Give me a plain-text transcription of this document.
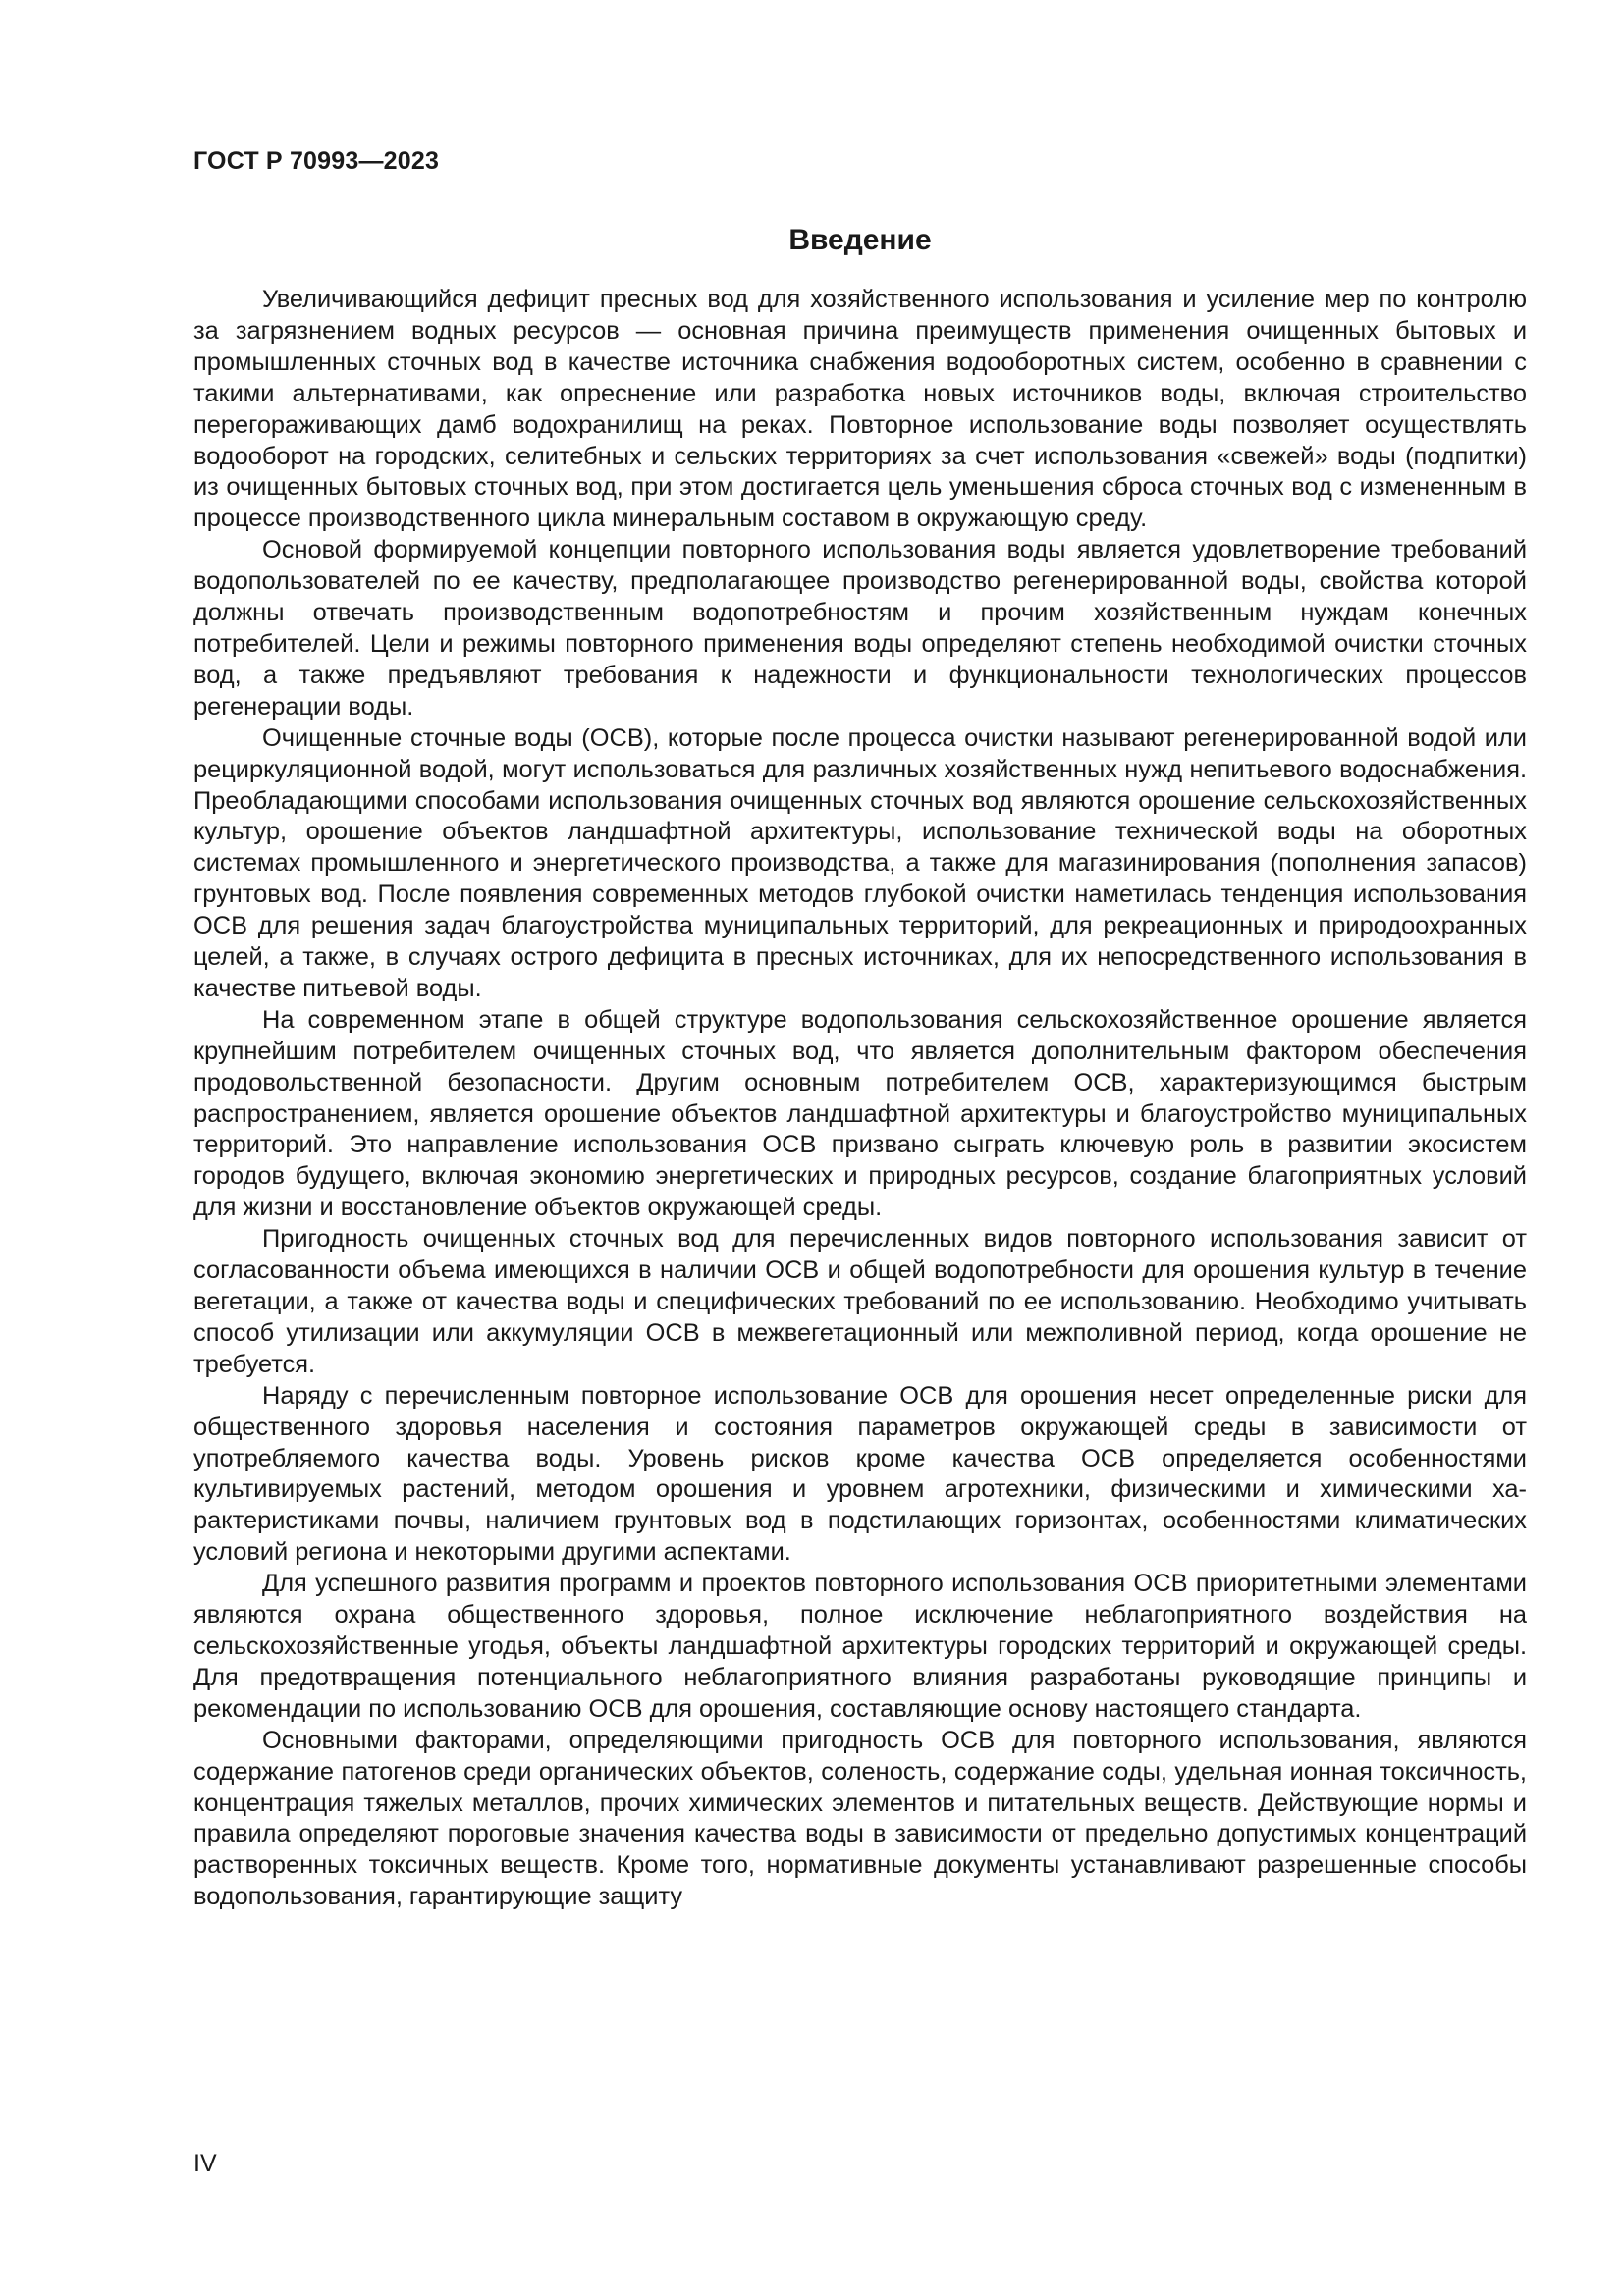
ГОСТ Р 70993—2023
Введение

Увеличивающийся дефицит пресных вод для хозяйственного использования и усиление мер по контролю за загрязнением водных ресурсов — основная причина преимуществ применения очищенных бытовых и промышленных сточных вод в качестве источника снабжения водооборотных систем, особенно в сравнении с такими альтернативами, как опреснение или разработка новых источников воды, включая строительство перегораживающих дамб водохранилищ на реках. Повторное использование воды позволяет осуществлять водооборот на городских, селитебных и сельских территориях за счет использования «свежей» воды (подпитки) из очищенных бытовых сточных вод, при этом достигается цель уменьшения сброса сточных вод с измененным в процессе производственного цикла минеральным составом в окружающую среду.

Основой формируемой концепции повторного использования воды является удовлетворение требований водопользователей по ее качеству, предполагающее производство регенерированной воды, свойства которой должны отвечать производственным водопотребностям и прочим хозяйственным нуждам конечных потребителей. Цели и режимы повторного применения воды определяют степень необходимой очистки сточных вод, а также предъявляют требования к надежности и функциональности технологических процессов регенерации воды.

Очищенные сточные воды (ОСВ), которые после процесса очистки называют регенерированной водой или рециркуляционной водой, могут использоваться для различных хозяйственных нужд непитьевого водоснабжения. Преобладающими способами использования очищенных сточных вод являются орошение сельскохозяйственных культур, орошение объектов ландшафтной архитектуры, использование технической воды на оборотных системах промышленного и энергетического производства, а также для магазинирования (пополнения запасов) грунтовых вод. После появления современных методов глубокой очистки наметилась тенденция использования ОСВ для решения задач благоустройства муниципальных территорий, для рекреационных и природоохранных целей, а также, в случаях острого дефицита в пресных источниках, для их непосредственного использования в качестве питьевой воды.

На современном этапе в общей структуре водопользования сельскохозяйственное орошение является крупнейшим потребителем очищенных сточных вод, что является дополнительным фактором обеспечения продовольственной безопасности. Другим основным потребителем ОСВ, характеризующимся быстрым распространением, является орошение объектов ландшафтной архитектуры и благоустройство муниципальных территорий. Это направление использования ОСВ призвано сыграть ключевую роль в развитии экосистем городов будущего, включая экономию энергетических и природных ресурсов, создание благоприятных условий для жизни и восстановление объектов окружающей среды.

Пригодность очищенных сточных вод для перечисленных видов повторного использования зависит от согласованности объема имеющихся в наличии ОСВ и общей водопотребности для орошения культур в течение вегетации, а также от качества воды и специфических требований по ее использованию. Необходимо учитывать способ утилизации или аккумуляции ОСВ в межвегетационный или межполивной период, когда орошение не требуется.

Наряду с перечисленным повторное использование ОСВ для орошения несет определенные риски для общественного здоровья населения и состояния параметров окружающей среды в зависимости от употребляемого качества воды. Уровень рисков кроме качества ОСВ определяется особенностями культивируемых растений, методом орошения и уровнем агротехники, физическими и химическими характеристиками почвы, наличием грунтовых вод в подстилающих горизонтах, особенностями климатических условий региона и некоторыми другими аспектами.

Для успешного развития программ и проектов повторного использования ОСВ приоритетными элементами являются охрана общественного здоровья, полное исключение неблагоприятного воздействия на сельскохозяйственные угодья, объекты ландшафтной архитектуры городских территорий и окружающей среды. Для предотвращения потенциального неблагоприятного влияния разработаны руководящие принципы и рекомендации по использованию ОСВ для орошения, составляющие основу настоящего стандарта.

Основными факторами, определяющими пригодность ОСВ для повторного использования, являются содержание патогенов среди органических объектов, соленость, содержание соды, удельная ионная токсичность, концентрация тяжелых металлов, прочих химических элементов и питательных веществ. Действующие нормы и правила определяют пороговые значения качества воды в зависимости от предельно допустимых концентраций растворенных токсичных веществ. Кроме того, нормативные документы устанавливают разрешенные способы водопользования, гарантирующие защиту

IV
